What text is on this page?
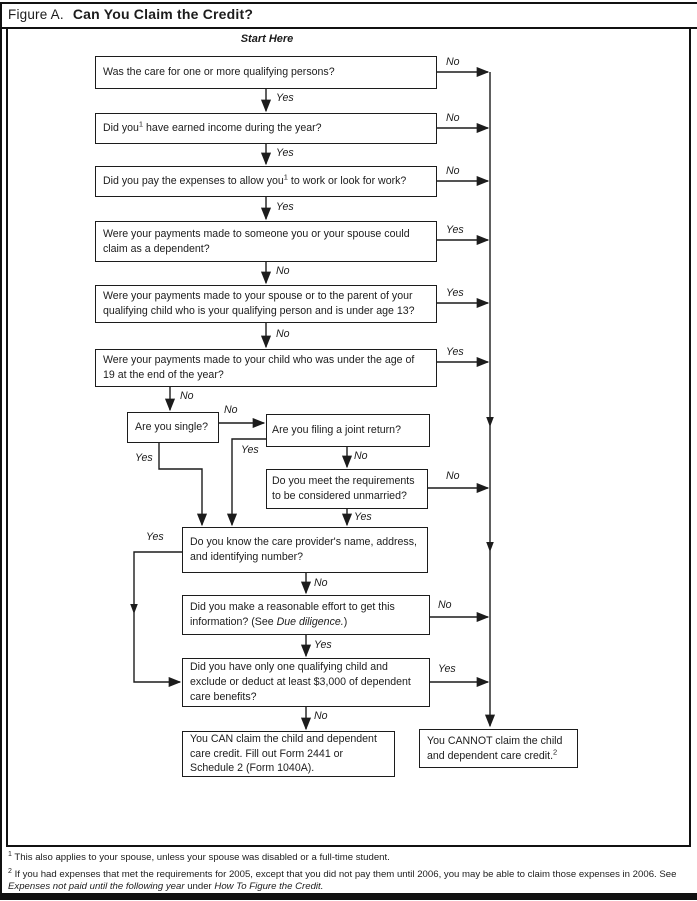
Figure A. Can You Claim the Credit?
Start Here
Was the care for one or more qualifying persons?
Did you$^1$ have earned income during the year?
Did you pay the expenses to allow you$^1$ to work or look for work?
Were your payments made to someone you or your spouse could claim as a dependent?
Were your payments made to your spouse or to the parent of your qualifying child who is your qualifying person and is under age 13?
Were your payments made to your child who was under the age of 19 at the end of the year?
Are you single?	Are you filing a joint return?
Do you meet the requirements to be considered unmarried?
Do you know the care provider's name, address, and identifying number?
Did you make a reasonable effort to get this information? (See Due diligence.)
Did you have only one qualifying child and exclude or deduct at least $3,000 of dependent care benefits?
You CAN claim the child and dependent care credit. Fill out Form 2441 or Schedule 2 (Form 1040A).
You CANNOT claim the child and dependent care credit.$^2$
Yes
Yes
Yes
No
No
No
No
No
No
Yes
Yes
Yes
No
Yes
Yes	No
No
Yes
Yes
No
No
Yes
Yes
No
$^1$ This also applies to your spouse, unless your spouse was disabled or a full-time student.
$^2$ If you had expenses that met the requirements for 2005, except that you did not pay them until 2006, you may be able to claim those expenses in 2006. See Expenses not paid until the following year under How To Figure the Credit.
